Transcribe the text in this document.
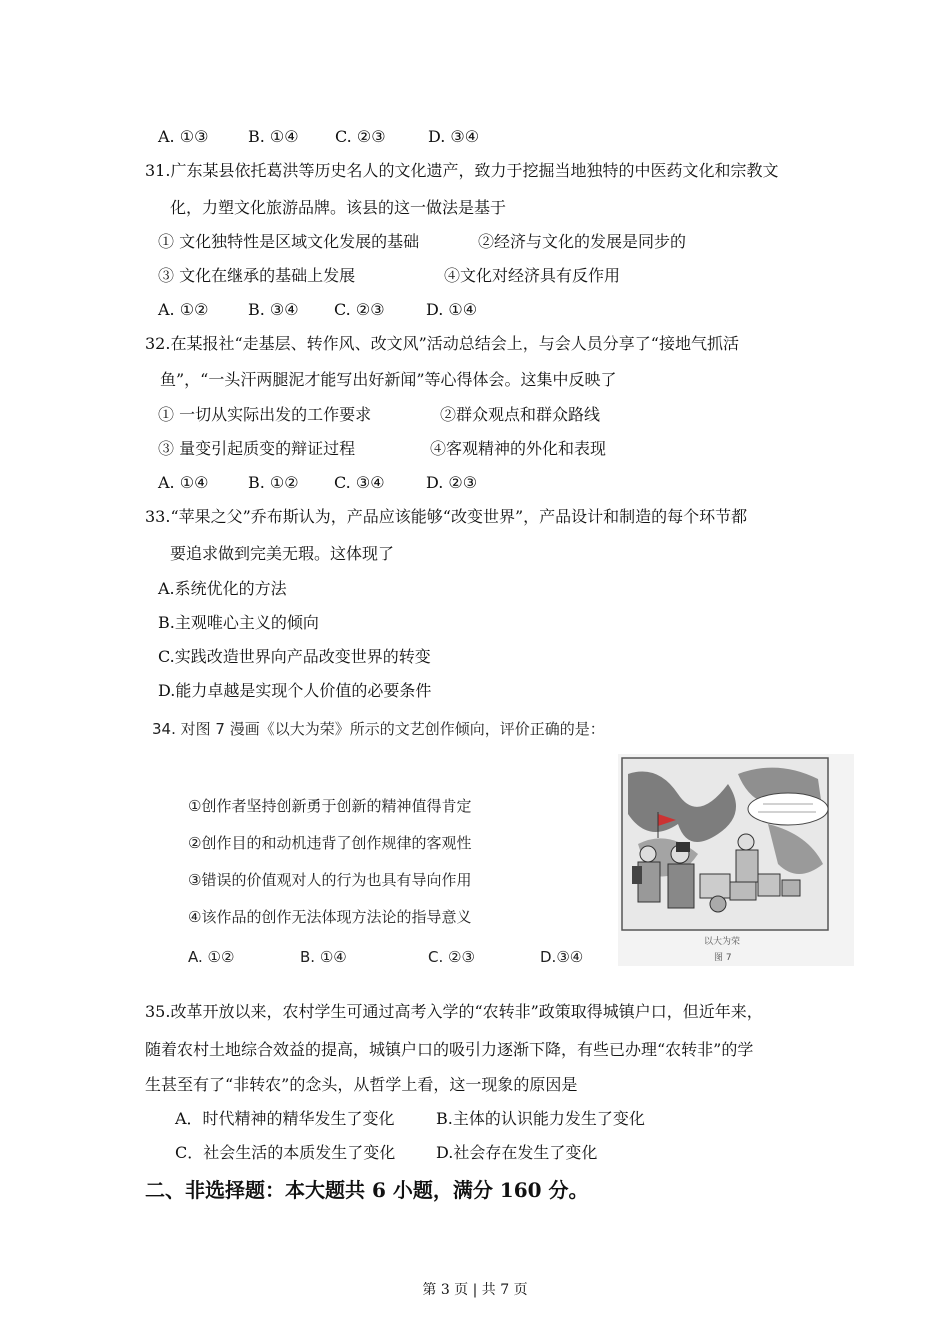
A. ①③ B. ①④ C. ②③	D. ③④
31.广东某县依托葛洪等历史名人的文化遗产，致力于挖掘当地独特的中医药文化和宗教文
化，力塑文化旅游品牌。该县的这一做法是基于
① 文化独特性是区域文化发展的基础	②经济与文化的发展是同步的
③ 文化在继承的基础上发展	④文化对经济具有反作用
A. ①② B. ③④ C. ②③	D. ①④
32.在某报社“走基层、转作风、改文风”活动总结会上，与会人员分享了“接地气抓活
鱼”，“一头汗两腿泥才能写出好新闻”等心得体会。这集中反映了
① 一切从实际出发的工作要求	②群众观点和群众路线
③ 量变引起质变的辩证过程	④客观精神的外化和表现
A. ①④ B. ①② C. ③④	D. ②③
33.“苹果之父”乔布斯认为，产品应该能够“改变世界”，产品设计和制造的每个环节都
要追求做到完美无瑕。这体现了
A.系统优化的方法
B.主观唯心主义的倾向
C.实践改造世界向产品改变世界的转变
D.能力卓越是实现个人价值的必要条件
34. 对图 7 漫画《以大为荣》所示的文艺创作倾向，评价正确的是：
①创作者坚持创新勇于创新的精神值得肯定
②创作目的和动机违背了创作规律的客观性
③错误的价值观对人的行为也具有导向作用
④该作品的创作无法体现方法论的指导意义
A. ①②	B. ①④	C. ②③	D.③④
以大为荣
图 7
35.改革开放以来，农村学生可通过高考入学的“农转非”政策取得城镇户口，但近年来，
随着农村土地综合效益的提高，城镇户口的吸引力逐渐下降，有些已办理“农转非”的学
生甚至有了“非转农”的念头，从哲学上看，这一现象的原因是
A．时代精神的精华发生了变化	B.主体的认识能力发生了变化
C．社会生活的本质发生了变化	D.社会存在发生了变化
二、非选择题：本大题共 6 小题，满分 160 分。
第 3 页 | 共 7 页
